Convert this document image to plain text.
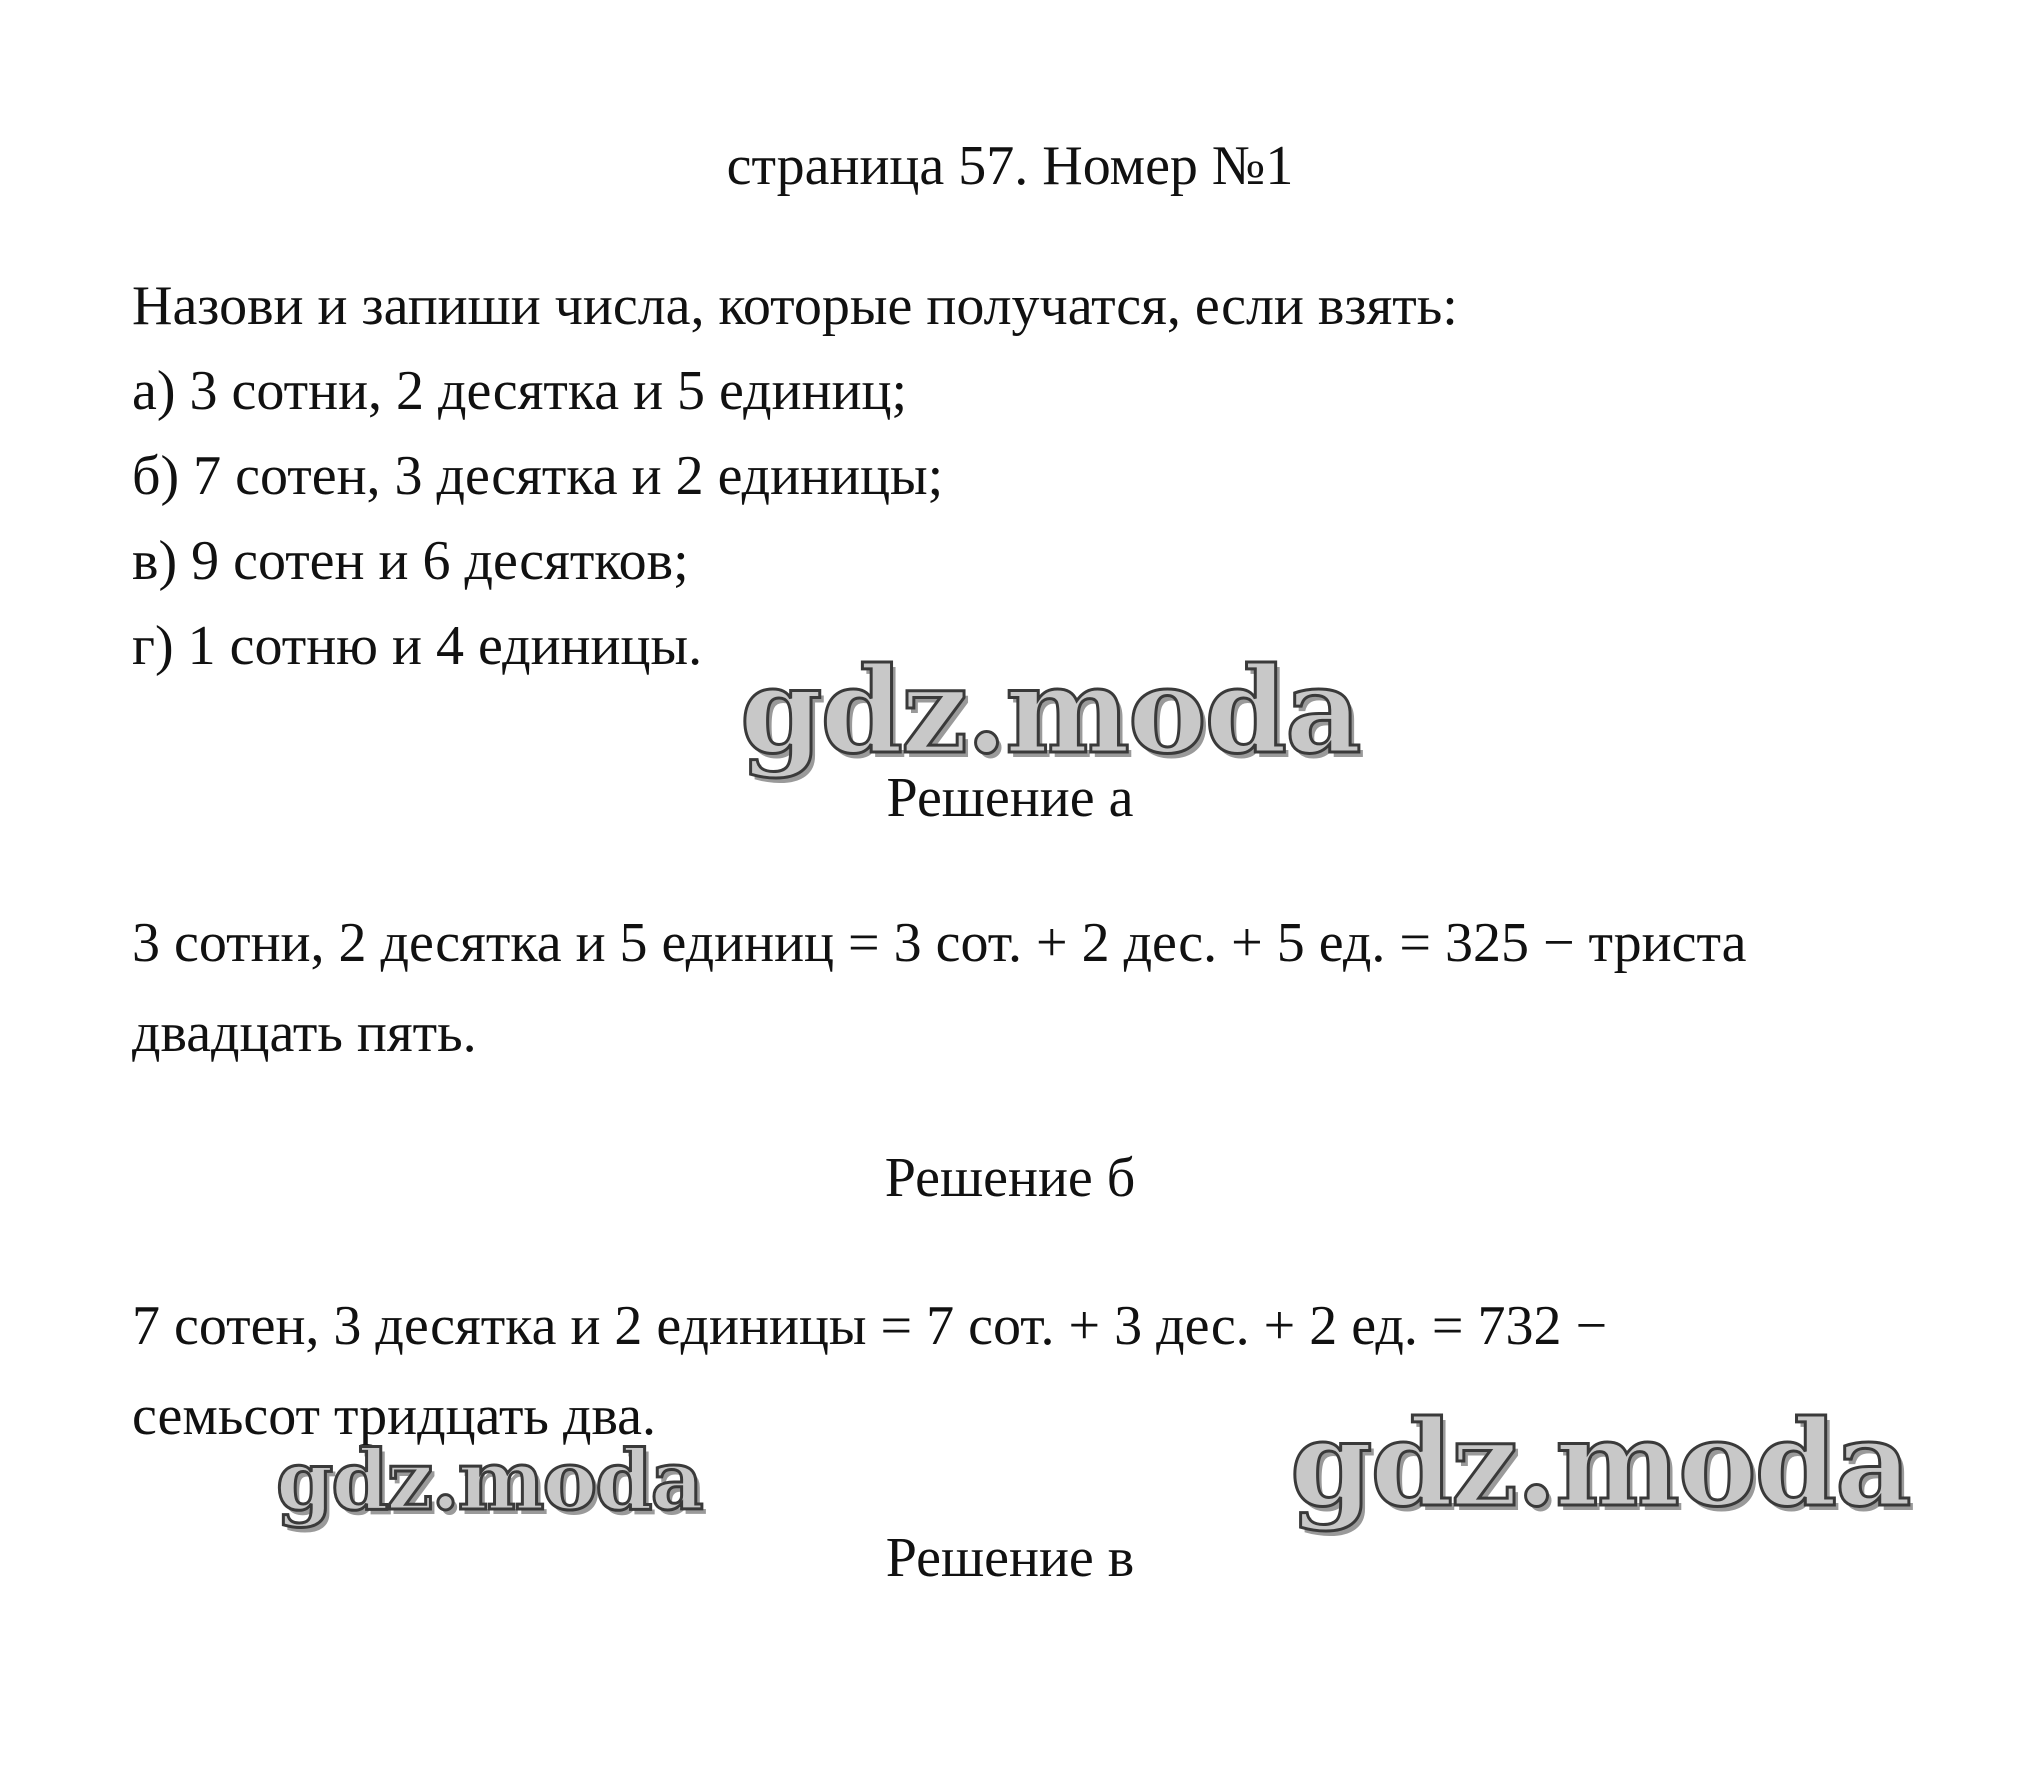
страница 57. Номер №1
Назови и запиши числа, которые получатся, если взять:
а) 3 сотни, 2 десятка и 5 единиц;
б) 7 сотен, 3 десятка и 2 единицы;
в) 9 сотен и 6 десятков;
г) 1 сотню и 4 единицы. gdz.moda
Решение а
3 сотни, 2 десятка и 5 единиц = 3 сот. + 2 дес. + 5 ед. = 325 − триста
двадцать пять.
Решение б
7 сотен, 3 десятка и 2 единицы = 7 сот. + 3 дес. + 2 ед. = 732 −
семьсот тридцать два.
gdz.moda	gdz.moda
Решение в
